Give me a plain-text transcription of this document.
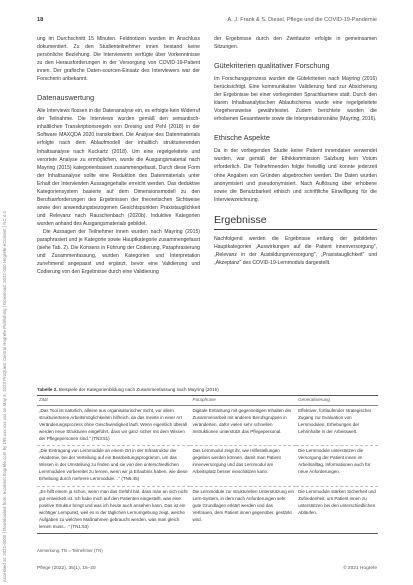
Accessed at: 2021-0000 | Downloaded from: econtent.hogrefe.com by 195.xxx.xxx.xxx on May 5, 2023 ProQuest Central Hogrefe Publishing | Download: 2022-000 Hogrefe eContent | NC 4.0
18	A. J. Frank & S. Diesel, Pflege und die COVID-19-Pandemie

ung im Durchschnitt 15 Minuten. Feldnotizen wurden im Anschluss dokumentiert. Zu den Studienteilnehmer innen bestand keine persönliche Beziehung. Die Interviewerin verfügte über Vorkenntnisse zu den Herausforderungen in der Versorgung von COVID-19-Patient innen. Der grafische Daten-sourcen-Einsatz des Interviewers war der Forscherin unbekannt.

Datenauswertung

Alle Interviews flossen in die Datenanalyse ein, es erfolgte kein Widerruf der Teilnahme. Die Interviews wurden gemäß den semantisch-inhaltlichen Transkriptionsregeln von Dresing und Pehl (2018) in der Software MAXQDA 2020 transkribiert. Die Analyse des Datenmaterials erfolgte nach dem Ablaufmodell der inhaltlich strukturierenden Inhaltsanalyse nach Kuckartz (2018). Um eine regelgeleitete und verortete Analyse zu ermöglichen, wurde die Ausgangsmaterial nach Mayring (2015) kategorienbasiert zusammengefasst. Durch diese Form der Inhaltsanalyse sollte eine Reduktion des Datenmaterials unter Erhalt der Interviewten Aussagegehalte erreicht werden. Das deduktive Kategoriensystem basierte auf dem Dimensionsmodell zu den Berufsanforderungen des Ergebnissen der theoretischen Sichtweise sowie den anwendungsbezogenen Gesichtspunkten Praxistauglichkeit und Relevanz nach Rauschenbach (2020b). Induktive Kategorien wurden anhand des Ausgangsmaterials gebildet.

Die Aussagen der Teilnehmer innen wurden nach Mayring (2015) paraphrasiert und je Kategorie sowie Hauptkategorie zusammengefasst (siehe Tab. 2). Die Konsens in Führung der Codierung, Paraphrasierung und Zusammenfassung, wurden Kategorien und Interpretation zunehmend angepasst und ergänzt, bevor eine Validierung und Codierung von den Ergebnisse durch eine Validierung

der Ergebnisse durch den Zweitautor erfolgte in gemeinsamen Sitzungen.

Gütekriterien qualitativer Forschung

Im Forschungsprozess wurden die Gütekriterien nach Mayring (2016) berücksichtigt. Eine kommunikative Validierung fand zur Absicherung der Ergebnisse bei einer vorliegenden Sprachbarriere statt. Durch den klaren Inhaltsanalytischen Ablaufschema wurde eine regelgeleitete Vorgehensweise gewährleistet. Zudem berichtete wurden die erhobenen Gesamtwerte sowie die Interpretationsnähe (Mayring, 2016).

Ethische Aspekte

Da in der vorliegenden Studie keine Patient innendaten verwendet wurden, war gemäß der Ethikkommission Salzburg kein Votum erforderlich. Die Teilnehmenden folgte freiwillig und konnte jederzeit ohne Angaben von Gründen abgebrochen werden. Die Daten wurden anonymisiert und pseudonymisiert. Nach Auflösung über erhobene sowie die Benutzbarkeit ethisch und schriftliche Einwilligung für die Interviewzeichnung.

Ergebnisse

Nachfolgend werden die Ergebnisse entlang der gebildeten Hauptkategorien „Auswirkungen auf die Patient innenversorgung", „Relevanz in der Ausbildungsversorgung", „Praxistauglichkeit" und „Akzeptanz" des COVID-19-Lernmoduls dargestellt.

Tabelle 2. Beispiele der Kategorienbildung nach Zusammenfassung nach Mayring (2015)
Zitat	Paraphrase	Generalisierung
„Das Tool ist natürlich, alleine aus organisatorischer Sicht, vor allem strukturierteren Arbeitsmöglichkeiten hilfreich, da das meiste in einer Art Veränderungsprozess ohne Geschwindigkeit läuft. Wenn eigentlich überall werden neue Strukturen eingeführt, dass wir ganz sicher mit dem Wissen der Pflegepersonen sind." (TN3:51)	Digitale Entlastung mit gegenseitigen Inhalten der Zusammenarbeit mit anderen Berufsgruppen in veränderten, dafür vielen sehr schnellen Instruktionen unterstützt das Pflegepersonal.	Effektiver, fortlaufender strategischer Zugang zur Evaluation von Lernmodulen, Erhebungen der Lehrinhalte in der Arbeitswelt.
„Die Eintragung von Lernmodule an einem Ort in der Infrastruktur der Akademie, bei der Verteilung auf ein Bearbeitungsprogramm, um das Wissen in der Umstellung zu finden und sie von den unterschiedlichen Lernmodulen vorbereitet zu lernen, wenn wir ja Erlaubnis haben, wie diese Erhebung durch mehrere Lernmodule…" (TN5:45)	Das Lernmodul zeigt ihr, wie Hilfestellungen gegeben werden können, damit man Patient innenversorgung und das Lernmodul am Arbeitsplatz besser einschätzen kann.	Die Lernmodule unterstützen die Versorgung der Patient innen im Arbeitsalltag, Informationen auch für neue Anforderungen.
„Es hilft einem ja schon, wenn man das Gefühl hat, dass man an sich nicht gut entwickelt ist. Ich habe mich auf den Patienten eingestellt, was eine positive Struktur bringt und was ich heute auch ansehen kann. Das ist ein wichtiger Lernpunkt, weil es in der täglichen Lernumgebung zeigt, welche Aufgaben zu welchen Maßnahmen gebraucht werden, was man gleich lernen muss…" (TN1:53)	Die Lernmodule zur strukturellen Unterstützung ein Lern-System, in dem nach Anforderungen sehr gute Grundlagen erklärt werden und das Vertrauen, dem Patient innen gegenüber, gestärkt wird.	Die Lernmodule stärken Sicherheit und Zufriedenheit, um Patient innen zu unterstützen bei den unterschiedlichen Abläufen.
Anmerkung. TN = Teilnehmer (TN)
Pflege (2022), 35(1), 15–20	© 2021 Hogrefe
